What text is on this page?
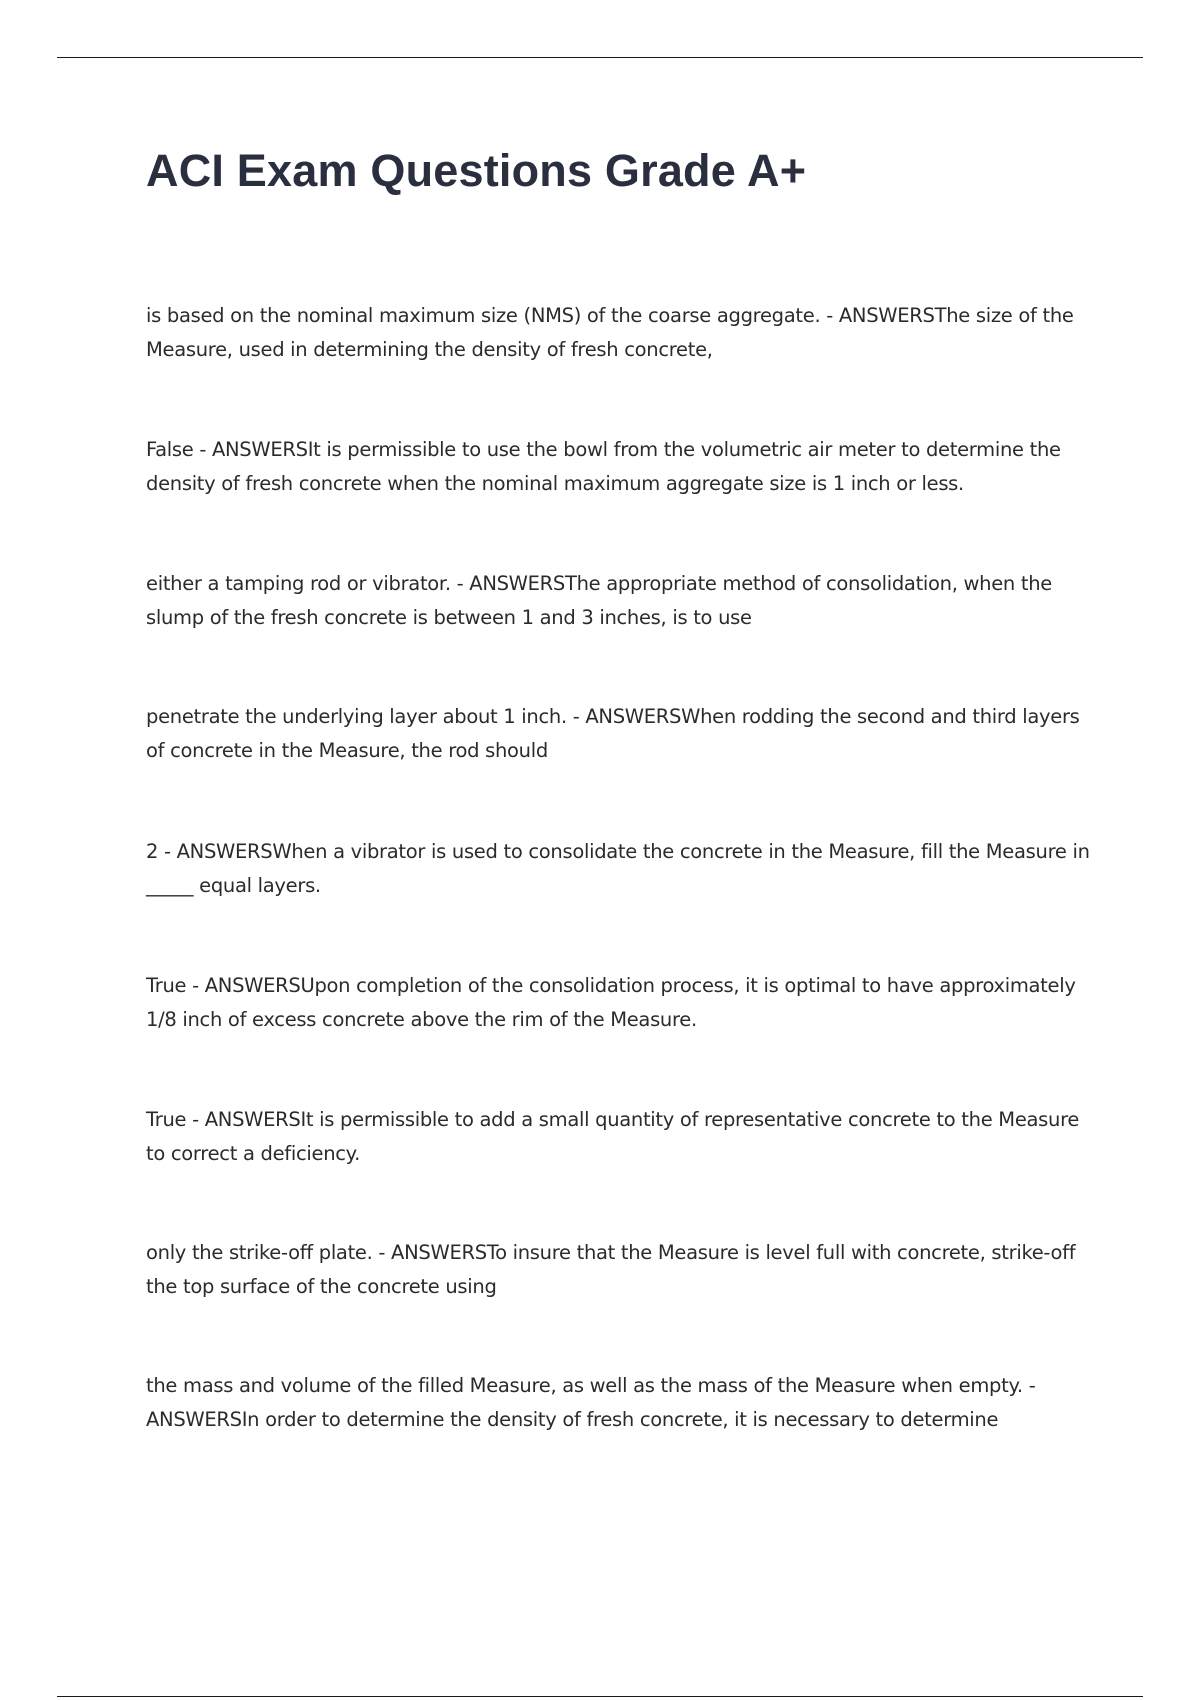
ACI Exam Questions Grade A+
is based on the nominal maximum size (NMS) of the coarse aggregate. - ANSWERSThe size of the Measure, used in determining the density of fresh concrete,
False - ANSWERSIt is permissible to use the bowl from the volumetric air meter to determine the density of fresh concrete when the nominal maximum aggregate size is 1 inch or less.
either a tamping rod or vibrator. - ANSWERSThe appropriate method of consolidation, when the slump of the fresh concrete is between 1 and 3 inches, is to use
penetrate the underlying layer about 1 inch. - ANSWERSWhen rodding the second and third layers of concrete in the Measure, the rod should
2 - ANSWERSWhen a vibrator is used to consolidate the concrete in the Measure, fill the Measure in _____ equal layers.
True - ANSWERSUpon completion of the consolidation process, it is optimal to have approximately 1/8 inch of excess concrete above the rim of the Measure.
True - ANSWERSIt is permissible to add a small quantity of representative concrete to the Measure to correct a deficiency.
only the strike-off plate. - ANSWERSTo insure that the Measure is level full with concrete, strike-off the top surface of the concrete using
the mass and volume of the filled Measure, as well as the mass of the Measure when empty. - ANSWERSIn order to determine the density of fresh concrete, it is necessary to determine
